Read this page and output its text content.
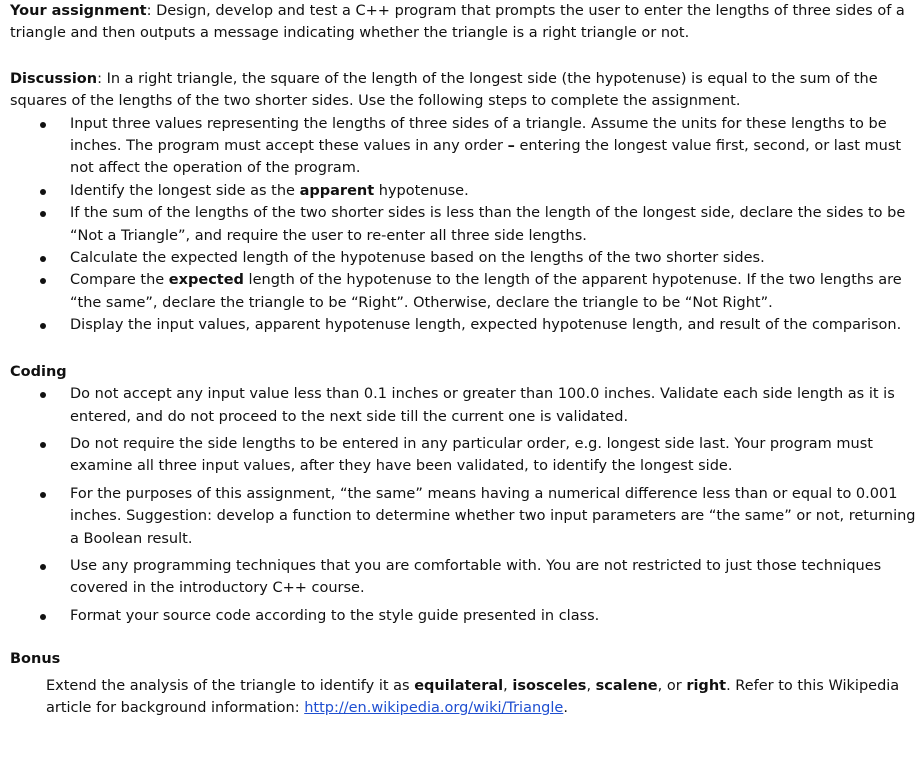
Your assignment: Design, develop and test a C++ program that prompts the user to enter the lengths of three sides of a triangle and then outputs a message indicating whether the triangle is a right triangle or not.

Discussion: In a right triangle, the square of the length of the longest side (the hypotenuse) is equal to the sum of the squares of the lengths of the two shorter sides. Use the following steps to complete the assignment.

Input three values representing the lengths of three sides of a triangle. Assume the units for these lengths to be inches. The program must accept these values in any order – entering the longest value first, second, or last must not affect the operation of the program.
Identify the longest side as the apparent hypotenuse.
If the sum of the lengths of the two shorter sides is less than the length of the longest side, declare the sides to be “Not a Triangle”, and require the user to re-enter all three side lengths.
Calculate the expected length of the hypotenuse based on the lengths of the two shorter sides.
Compare the expected length of the hypotenuse to the length of the apparent hypotenuse. If the two lengths are “the same”, declare the triangle to be “Right”. Otherwise, declare the triangle to be “Not Right”.
Display the input values, apparent hypotenuse length, expected hypotenuse length, and result of the comparison.

Coding

Do not accept any input value less than 0.1 inches or greater than 100.0 inches. Validate each side length as it is entered, and do not proceed to the next side till the current one is validated.
Do not require the side lengths to be entered in any particular order, e.g. longest side last. Your program must examine all three input values, after they have been validated, to identify the longest side.
For the purposes of this assignment, “the same” means having a numerical difference less than or equal to 0.001 inches. Suggestion: develop a function to determine whether two input parameters are “the same” or not, returning a Boolean result.
Use any programming techniques that you are comfortable with. You are not restricted to just those techniques covered in the introductory C++ course.
Format your source code according to the style guide presented in class.

Bonus

Extend the analysis of the triangle to identify it as equilateral, isosceles, scalene, or right. Refer to this Wikipedia article for background information: http://en.wikipedia.org/wiki/Triangle.
